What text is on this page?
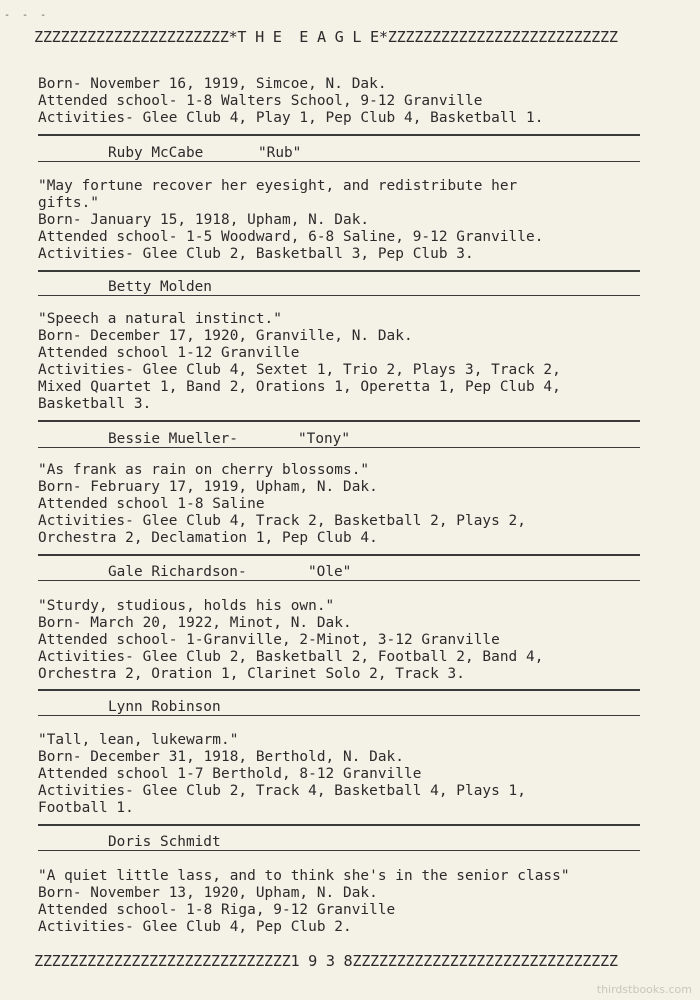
- - -
ZZZZZZZZZZZZZZZZZZZZZZ*T H E  E A G L E*ZZZZZZZZZZZZZZZZZZZZZZZZZZ
Born- November 16, 1919, Simcoe, N. Dak.
Attended school- 1-8 Walters School, 9-12 Granville
Activities- Glee Club 4, Play 1, Pep Club 4, Basketball 1.
Ruby McCabe	"Rub"
"May fortune recover her eyesight, and redistribute her
gifts."
Born- January 15, 1918, Upham, N. Dak.
Attended school- 1-5 Woodward, 6-8 Saline, 9-12 Granville.
Activities- Glee Club 2, Basketball 3, Pep Club 3.
Betty Molden
"Speech a natural instinct."
Born- December 17, 1920, Granville, N. Dak.
Attended school 1-12 Granville
Activities- Glee Club 4, Sextet 1, Trio 2, Plays 3, Track 2,
Mixed Quartet 1, Band 2, Orations 1, Operetta 1, Pep Club 4,
Basketball 3.
Bessie Mueller-	"Tony"
"As frank as rain on cherry blossoms."
Born- February 17, 1919, Upham, N. Dak.
Attended school 1-8 Saline
Activities- Glee Club 4, Track 2, Basketball 2, Plays 2,
Orchestra 2, Declamation 1, Pep Club 4.
Gale Richardson-	"Ole"
"Sturdy, studious, holds his own."
Born- March 20, 1922, Minot, N. Dak.
Attended school- 1-Granville, 2-Minot, 3-12 Granville
Activities- Glee Club 2, Basketball 2, Football 2, Band 4,
Orchestra 2, Oration 1, Clarinet Solo 2, Track 3.
Lynn Robinson
"Tall, lean, lukewarm."
Born- December 31, 1918, Berthold, N. Dak.
Attended school 1-7 Berthold, 8-12 Granville
Activities- Glee Club 2, Track 4, Basketball 4, Plays 1,
Football 1.
Doris Schmidt
"A quiet little lass, and to think she's in the senior class"
Born- November 13, 1920, Upham, N. Dak.
Attended school- 1-8 Riga, 9-12 Granville
Activities- Glee Club 4, Pep Club 2.
ZZZZZZZZZZZZZZZZZZZZZZZZZZZZZ1 9 3 8ZZZZZZZZZZZZZZZZZZZZZZZZZZZZZZ
thirdstbooks.com
